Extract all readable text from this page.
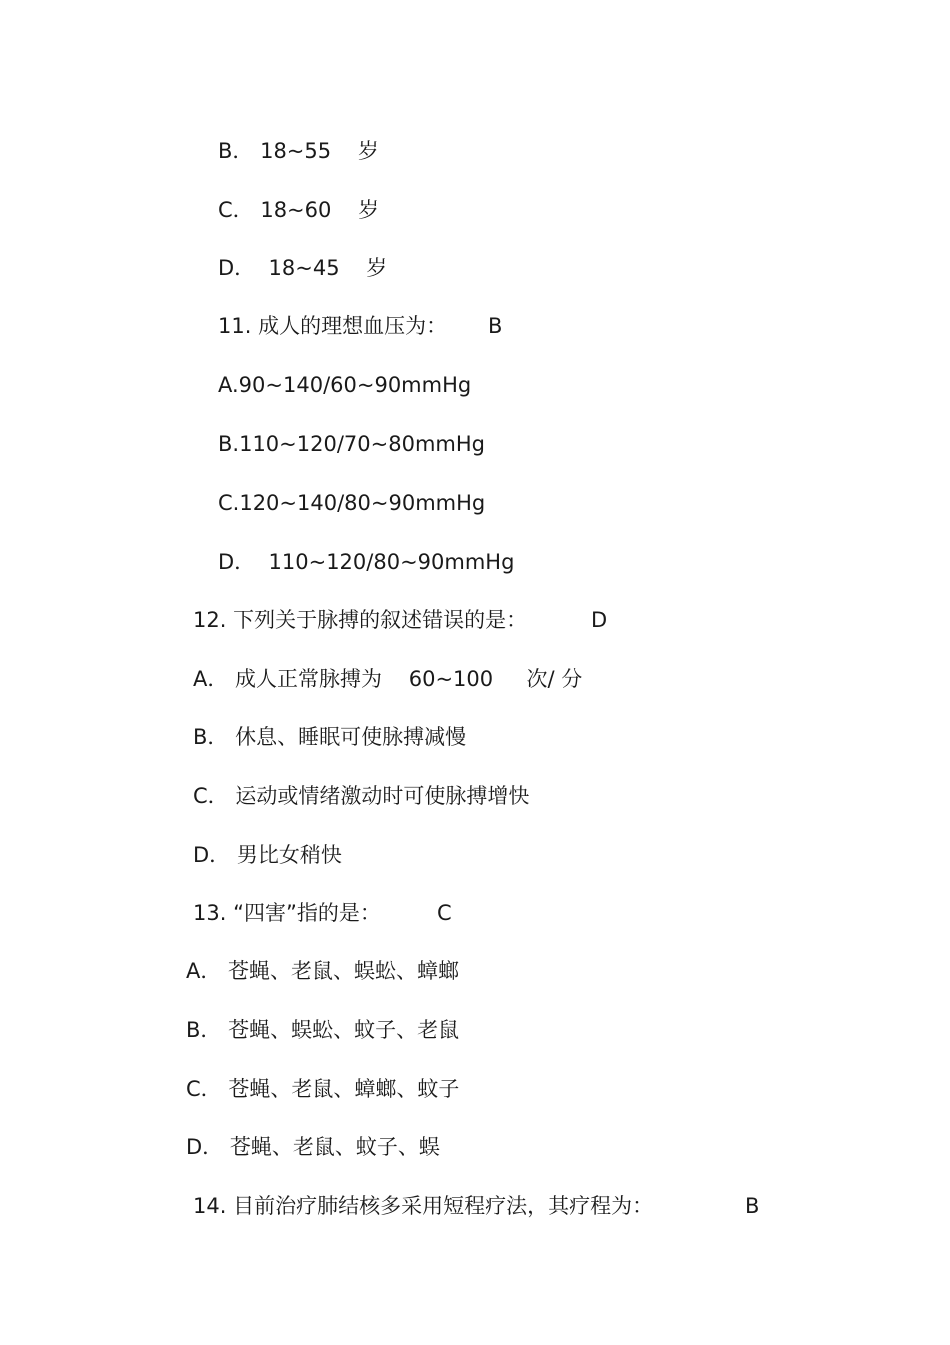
B． 18~55    岁
C． 18~60    岁
D．  18~45    岁
11. 成人的理想血压为： B
A.90~140/60~90mmHg
B.110~120/70~80mmHg
C.120~140/80~90mmHg
D．  110~120/80~90mmHg
12. 下列关于脉搏的叙述错误的是：	D
A． 成人正常脉搏为    60~100     次/ 分
B． 休息、睡眠可使脉搏减慢
C． 运动或情绪激动时可使脉搏增快
D． 男比女稍快
13. “四害”指的是：	C
A． 苍蝇、老鼠、蜈蚣、蟑螂
B． 苍蝇、蜈蚣、蚊子、老鼠
C． 苍蝇、老鼠、蟑螂、蚊子
D． 苍蝇、老鼠、蚊子、蜈
14. 目前治疗肺结核多采用短程疗法，其疗程为：	B
